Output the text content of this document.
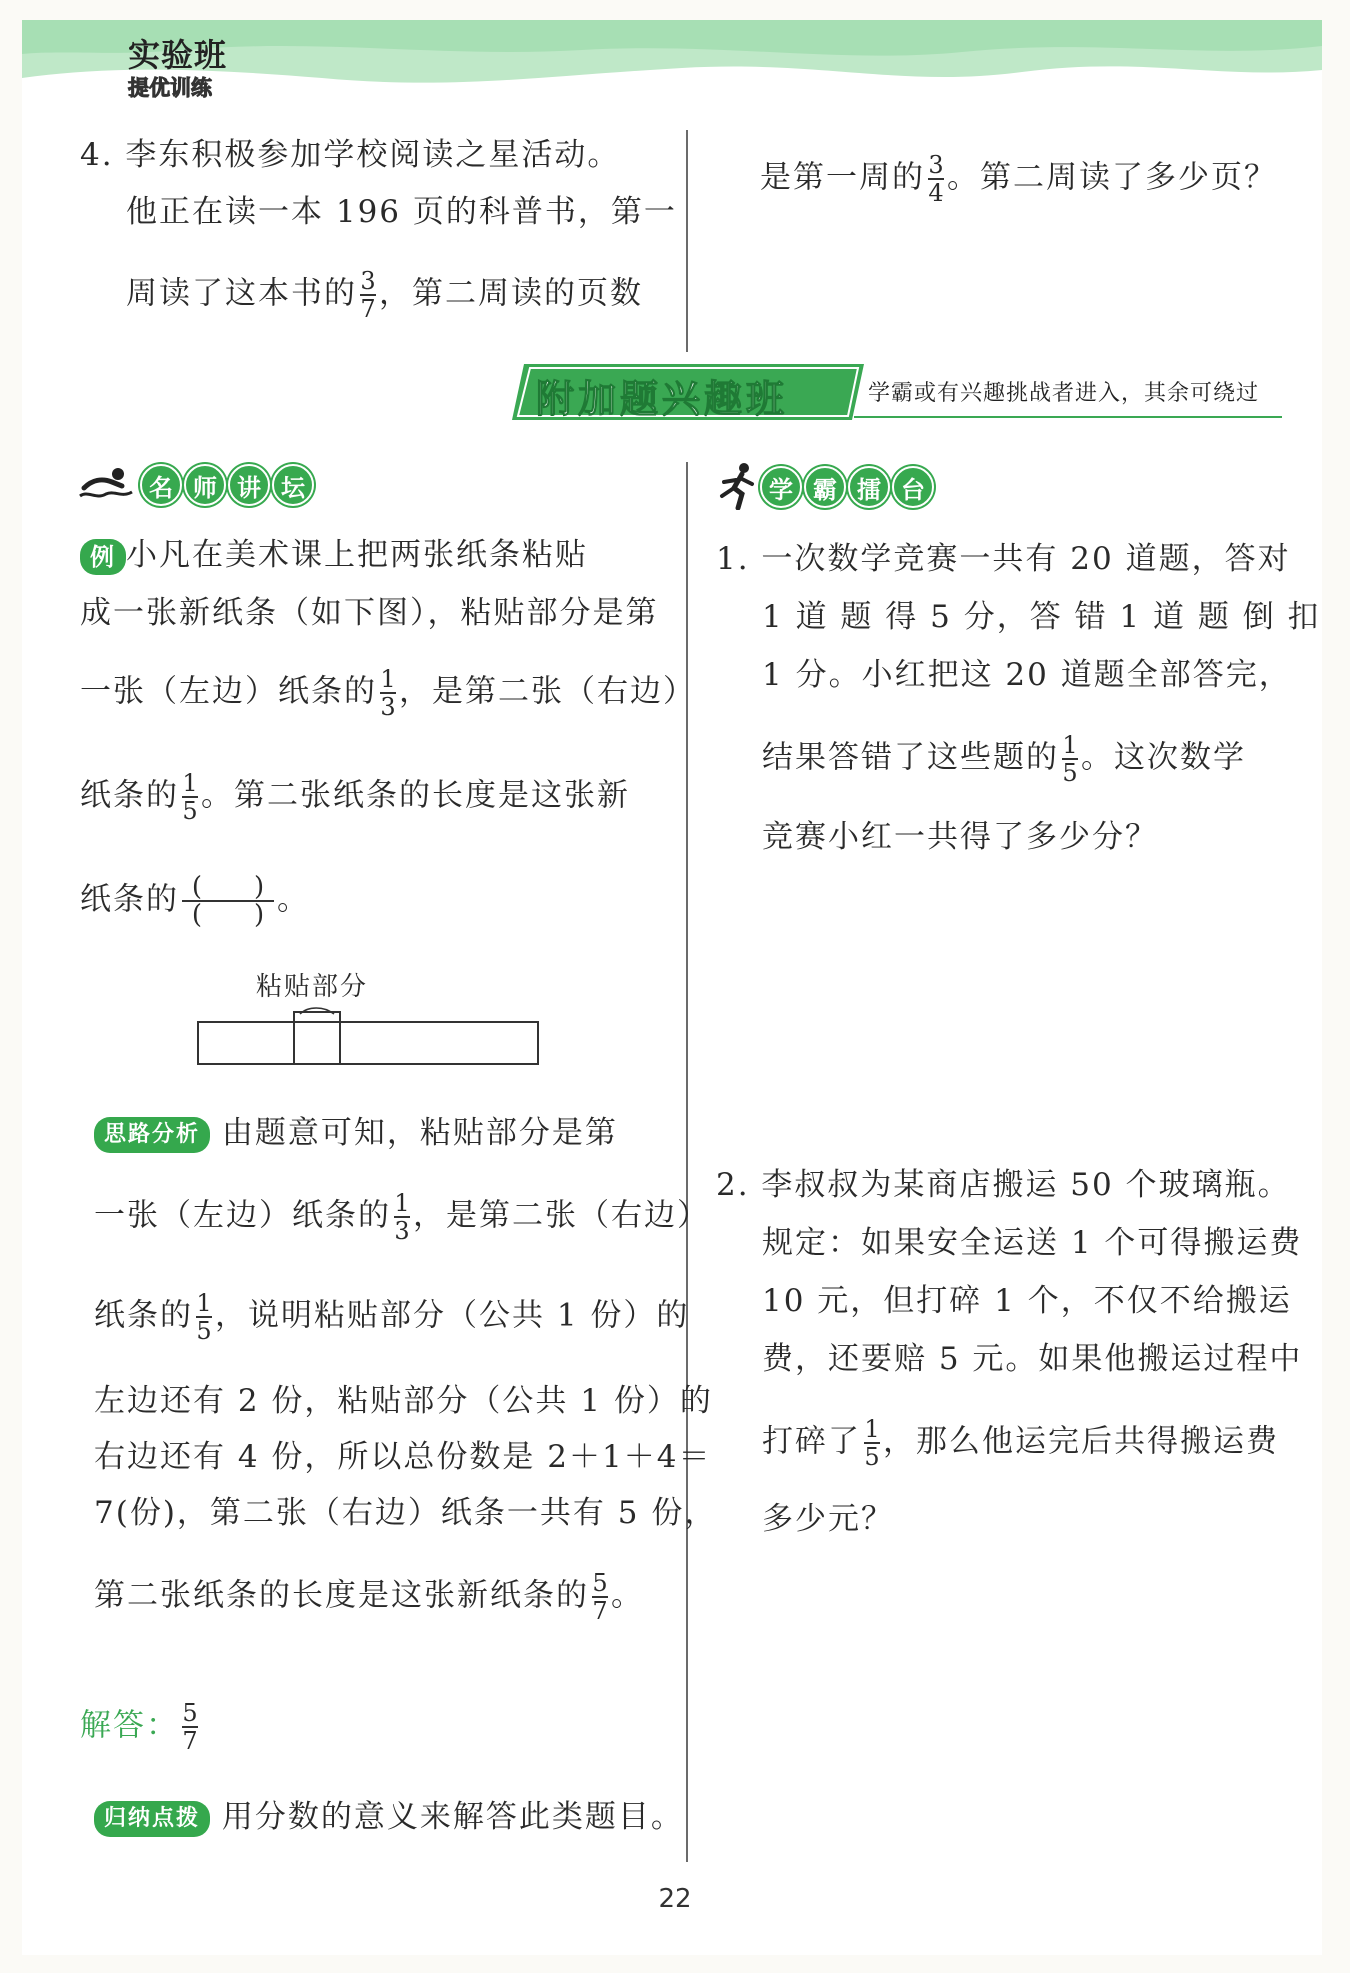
实验班
提优训练
4. 李东积极参加学校阅读之星活动。
他正在读一本 196 页的科普书，第一
周读了这本书的 $\frac{3}{7}$ ，第二周读的页数
是第一周的 $\frac{3}{4}$ 。第二周读了多少页？
附加题兴趣班	学霸或有兴趣挑战者进入，其余可绕过
名 师 讲 坛	学 霸 擂 台
例 小凡在美术课上把两张纸条粘贴
成一张新纸条（如下图），粘贴部分是第
一张（左边）纸条的 $\frac{1}{3}$ ，是第二张（右边）
纸条的 $\frac{1}{5}$ 。第二张纸条的长度是这张新
纸条的 $\frac{( )}{( )}$ 。
粘贴部分
思路分析 由题意可知，粘贴部分是第
一张（左边）纸条的 $\frac{1}{3}$ ，是第二张（右边）
纸条的 $\frac{1}{5}$ ，说明粘贴部分（公共 1 份）的
左边还有 2 份，粘贴部分（公共 1 份）的
右边还有 4 份，所以总份数是 2＋1＋4＝
7(份)，第二张（右边）纸条一共有 5 份，
第二张纸条的长度是这张新纸条的 $\frac{5}{7}$ 。
解答： $\frac{5}{7}$
归纳点拨 用分数的意义来解答此类题目。
1. 一次数学竞赛一共有 20 道题，答对
1 道 题 得 5 分，答 错 1 道 题 倒 扣
1 分。小红把这 20 道题全部答完，
结果答错了这些题的 $\frac{1}{5}$ 。这次数学
竞赛小红一共得了多少分？
2. 李叔叔为某商店搬运 50 个玻璃瓶。
规定：如果安全运送 1 个可得搬运费
10 元，但打碎 1 个，不仅不给搬运
费，还要赔 5 元。如果他搬运过程中
打碎了 $\frac{1}{5}$ ，那么他运完后共得搬运费
多少元？
22
